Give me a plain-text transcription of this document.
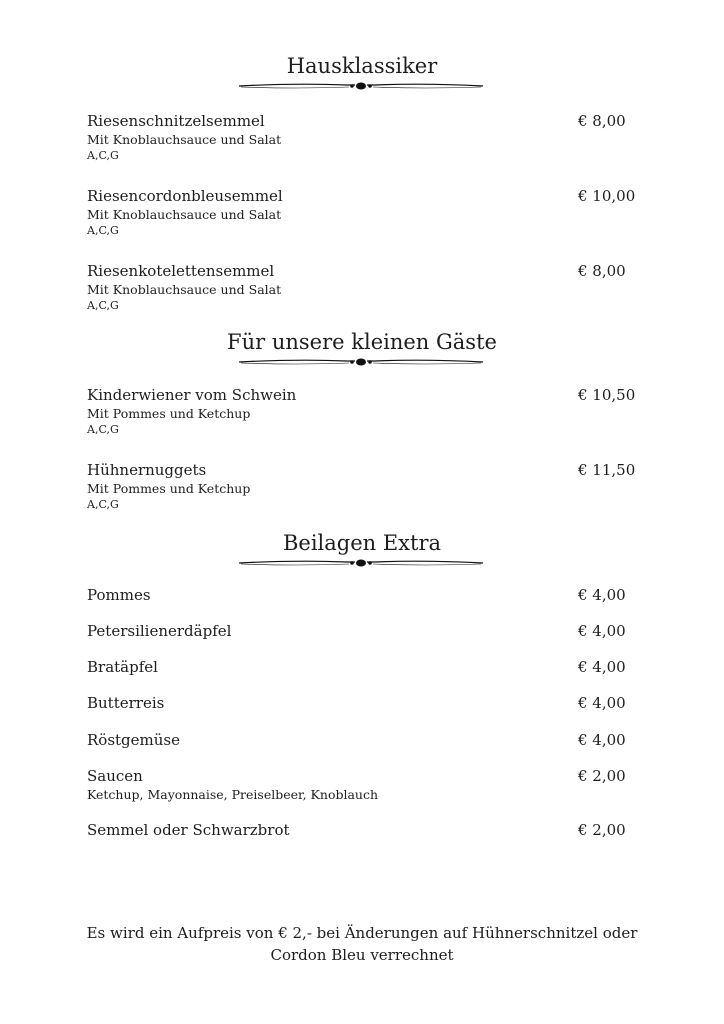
Hausklassiker
Riesenschnitzelsemmel
Mit Knoblauchsauce und Salat
A,C,G
€ 8,00
Riesencordonbleusemmel
Mit Knoblauchsauce und Salat
A,C,G
€ 10,00
Riesenkotelettensemmel
Mit Knoblauchsauce und Salat
A,C,G
€ 8,00
Für unsere kleinen Gäste
Kinderwiener vom Schwein
Mit Pommes und Ketchup
A,C,G
€ 10,50
Hühnernuggets
Mit Pommes und Ketchup
A,C,G
€ 11,50
Beilagen Extra
Pommes	€ 4,00
Petersilienerdäpfel	€ 4,00
Bratäpfel	€ 4,00
Butterreis	€ 4,00
Röstgemüse	€ 4,00
Saucen
Ketchup, Mayonnaise, Preiselbeer, Knoblauch
€ 2,00
Semmel oder Schwarzbrot	€ 2,00
Es wird ein Aufpreis von € 2,- bei Änderungen auf Hühnerschnitzel oder
Cordon Bleu verrechnet
